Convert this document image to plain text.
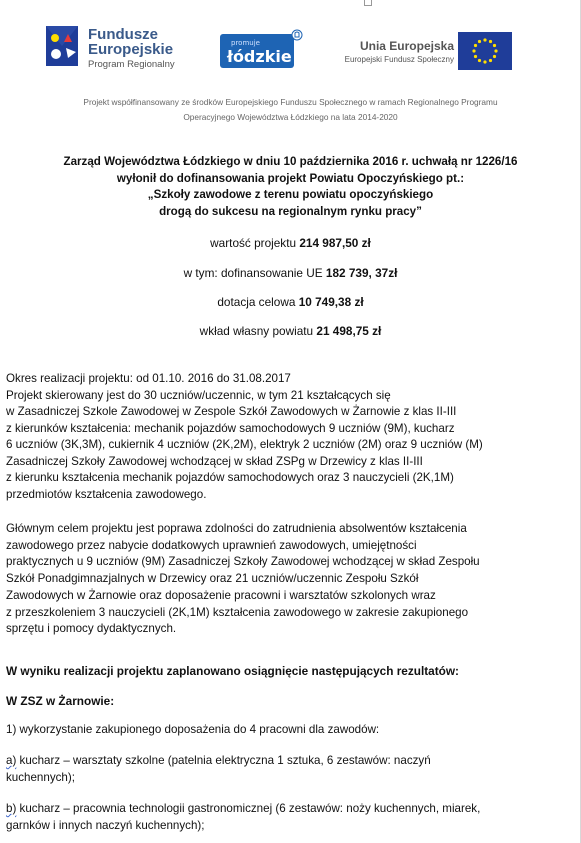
Fundusze
Europejskie
Program Regionalny
promuje
łódzkie
Unia Europejska
Europejski Fundusz Społeczny

Projekt współfinansowany ze środków Europejskiego Funduszu Społecznego w ramach Regionalnego Programu

Operacyjnego Województwa Łódzkiego na lata 2014-2020

Zarząd Województwa Łódzkiego w dniu 10 października 2016 r. uchwałą nr 1226/16

wyłonił do dofinansowania projekt Powiatu Opoczyńskiego pt.:

„Szkoły zawodowe z terenu powiatu opoczyńskiego

drogą do sukcesu na regionalnym rynku pracy”

wartość projektu 214 987,50 zł
w tym: dofinansowanie UE 182 739, 37zł
dotacja celowa 10 749,38 zł
wkład własny powiatu 21 498,75 zł

Okres realizacji projektu: od 01.10. 2016 do 31.08.2017

Projekt skierowany jest do 30 uczniów/uczennic, w tym 21 kształcących się

w Zasadniczej Szkole Zawodowej w Zespole Szkół Zawodowych w Żarnowie z klas II-III

z kierunków kształcenia: mechanik pojazdów samochodowych 9 uczniów (9M), kucharz

6 uczniów (3K,3M), cukiernik 4 uczniów (2K,2M), elektryk 2 uczniów (2M) oraz 9 uczniów (M)

Zasadniczej Szkoły Zawodowej wchodzącej w skład ZSPg w Drzewicy z klas II-III

z kierunku kształcenia mechanik pojazdów samochodowych oraz 3 nauczycieli (2K,1M)

przedmiotów kształcenia zawodowego.

Głównym celem projektu jest poprawa zdolności do zatrudnienia absolwentów kształcenia

zawodowego przez nabycie dodatkowych uprawnień zawodowych, umiejętności

praktycznych u 9 uczniów (9M) Zasadniczej Szkoły Zawodowej wchodzącej w skład Zespołu

Szkół Ponadgimnazjalnych w Drzewicy oraz 21 uczniów/uczennic Zespołu Szkół

Zawodowych w Żarnowie oraz doposażenie pracowni i warsztatów szkolonych wraz

z przeszkoleniem 3 nauczycieli (2K,1M) kształcenia zawodowego w zakresie zakupionego

sprzętu i pomocy dydaktycznych.

W wyniku realizacji projektu zaplanowano osiągnięcie następujących rezultatów:
W ZSZ w Żarnowie:
1) wykorzystanie zakupionego doposażenia do 4 pracowni dla zawodów:

a) kucharz – warsztaty szkolne (patelnia elektryczna 1 sztuka, 6 zestawów: naczyń

kuchennych);

b) kucharz – pracownia technologii gastronomicznej (6 zestawów: noży kuchennych, miarek,

garnków i innych naczyń kuchennych);
